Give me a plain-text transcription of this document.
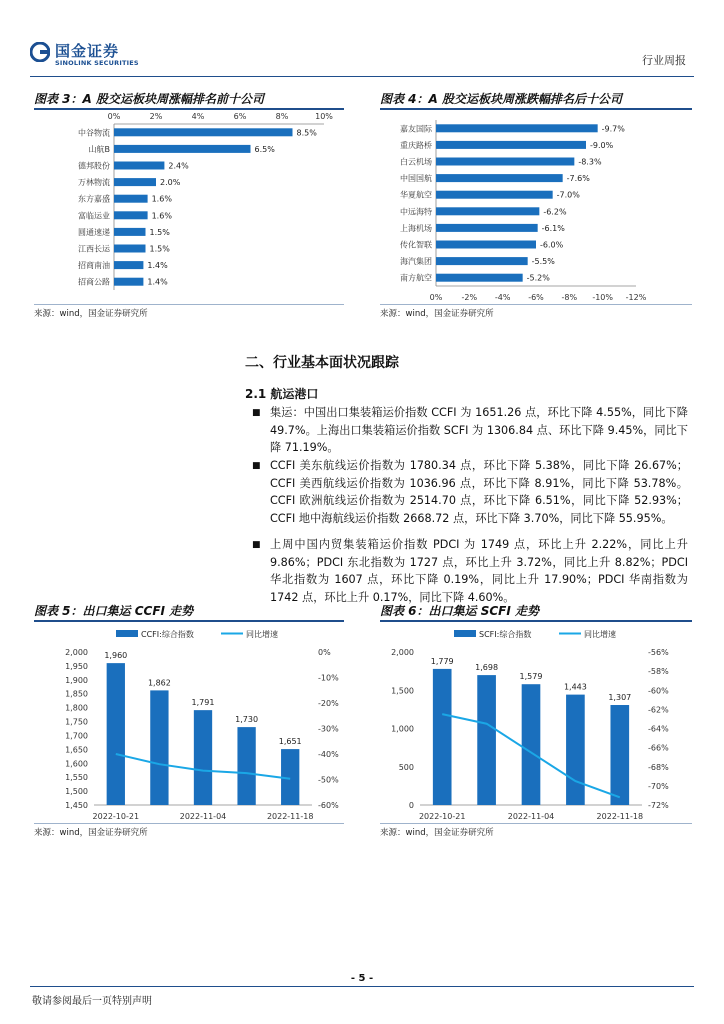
国金证券
SINOLINK SECURITIES	行业周报
图表 3：A 股交运板块周涨幅排名前十公司
0%	2%	4%	6%	8%	10%
中谷物流	8.5%
山航B	6.5%
德邦股份	2.4%
万林物流	2.0%
东方嘉盛	1.6%
富临运业	1.6%
圆通速递	1.5%
江西长运	1.5%
招商南油	1.4%
招商公路	1.4%
来源：wind，国金证券研究所
图表 4：A 股交运板块周涨跌幅排名后十公司
0% -2% -4% -6% -8% -10% -12%
嘉友国际	-9.7%
重庆路桥	-9.0%
白云机场	-8.3%
中国国航	-7.6%
华夏航空	-7.0%
中远海特	-6.2%
上海机场	-6.1%
传化智联	-6.0%
海汽集团	-5.5%
南方航空	-5.2%
来源：wind，国金证券研究所
二、行业基本面状况跟踪
2.1 航运港口
■ 集运：中国出口集装箱运价指数 CCFI 为 1651.26 点，环比下降 4.55%，同比下降 49.7%。上海出口集装箱运价指数 SCFI 为 1306.84 点、环比下降 9.45%，同比下降 71.19%。
■ CCFI 美东航线运价指数为 1780.34 点，环比下降 5.38%，同比下降 26.67%；CCFI 美西航线运价指数为 1036.96 点，环比下降 8.91%，同比下降 53.78%。CCFI 欧洲航线运价指数为 2514.70 点，环比下降 6.51%，同比下降 52.93%；CCFI 地中海航线运价指数 2668.72 点，环比下降 3.70%，同比下降 55.95%。
■ 上周中国内贸集装箱运价指数 PDCI 为 1749 点，环比上升 2.22%，同比上升 9.86%；PDCI 东北指数为 1727 点，环比上升 3.72%，同比上升 8.82%；PDCI 华北指数为 1607 点，环比下降 0.19%，同比上升 17.90%；PDCI 华南指数为 1742 点，环比上升 0.17%，同比下降 4.60%。
图表 5：出口集运 CCFI 走势
CCFI:综合指数	同比增速
1,450
1,500
1,550
1,600
1,650
1,700
1,750
1,800
1,850
1,900
1,950
2,000
-60%
-50%
-40%
-30%
-20%
-10%
0%
1,960
2022-10-21
1,862
1,791
2022-11-04
1,730
1,651
2022-11-18
来源：wind，国金证券研究所
图表 6：出口集运 SCFI 走势
SCFI:综合指数	同比增速
0
500
1,000
1,500
2,000
-72%
-70%
-68%
-66%
-64%
-62%
-60%
-58%
-56%
1,779
2022-10-21
1,698
1,579
2022-11-04
1,443
1,307
2022-11-18
来源：wind，国金证券研究所
- 5 -
敬请参阅最后一页特别声明
